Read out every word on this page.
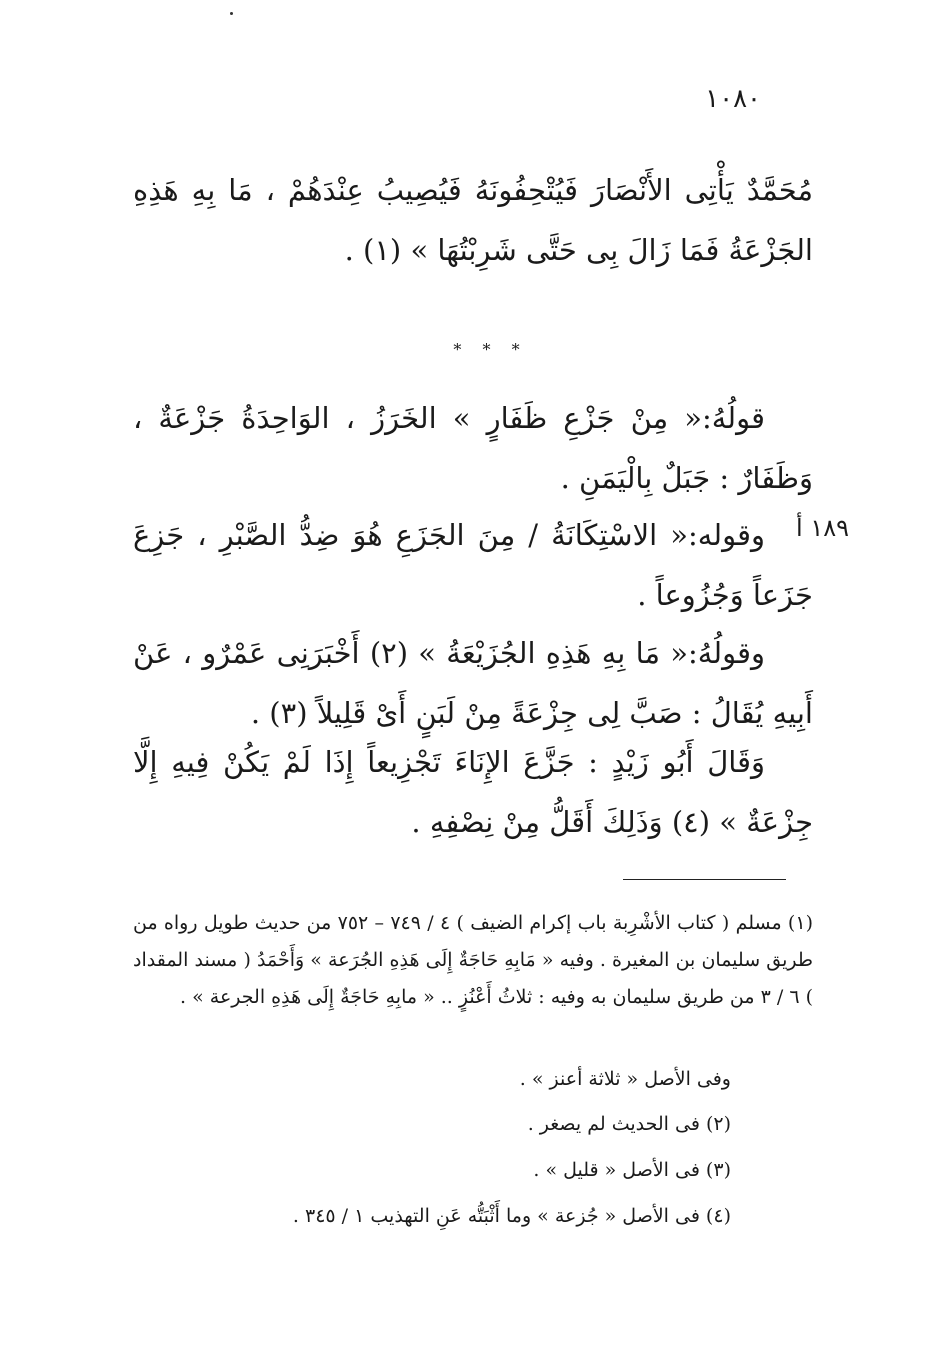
١٠٨٠
مُحَمَّدٌ يَأْتِى الأَنْصَارَ فَيُتْحِفُونَهُ فَيُصِيبُ عِنْدَهُمْ ، مَا بِهِ هَذِهِ الجَزْعَةُ فَمَا زَالَ بِى حَتَّى شَرِبْتُهَا » (١) .
* * *
قولُهُ:« مِنْ جَزْعِ ظَفَارٍ » الخَرَزُ ، الوَاحِدَةُ جَزْعَةٌ ، وَظَفَارٌ : جَبَلٌ بِالْيَمَنِ .
١٨٩ أ
وقوله:« الاسْتِكَانَةُ / مِنَ الجَزَعِ هُوَ ضِدُّ الصَّبْرِ ، جَزِعَ جَزَعاً وَجُزُوعاً .
وقولُهُ:« مَا بِهِ هَذِهِ الجُزَيْعَةُ » (٢) أَخْبَرَنِى عَمْرٌو ، عَنْ أَبِيهِ يُقَالُ : صَبَّ لِى جِزْعَةً مِنْ لَبَنٍ أَىْ قَلِيلاً (٣) .
وَقَالَ أَبُو زَيْدٍ : جَزَّعَ الإِنَاءَ تَجْزِيعاً إِذَا لَمْ يَكُنْ فِيهِ إِلَّا جِزْعَةٌ » (٤) وَذَلِكَ أَقَلُّ مِنْ نِصْفِهِ .
(١) مسلم ( كتاب الأشْرِبة باب إكرام الضيف ) ٤ / ٧٤٩ – ٧٥٢ من حديث طويل رواه من طريق سليمان بن المغيرة . وفيه « مَابِهِ حَاجَةٌ إِلَى هَذِهِ الجُرَعة » وَأَحْمَدُ ( مسند المقداد ) ٦ / ٣ من طريق سليمان به وفيه : ثلاثُ أَعْنُزٍ .. « مابِهِ حَاجَةٌ إِلَى هَذِهِ الجرعة » .
وفى الأصل « ثلاثة أعنز » .
(٢) فى الحديث لم يصغر .
(٣) فى الأصل « قليل » .
(٤) فى الأصل « جُزعة » وما أَثْبَتُّه عَنِ التهذيب ١ / ٣٤٥ .
